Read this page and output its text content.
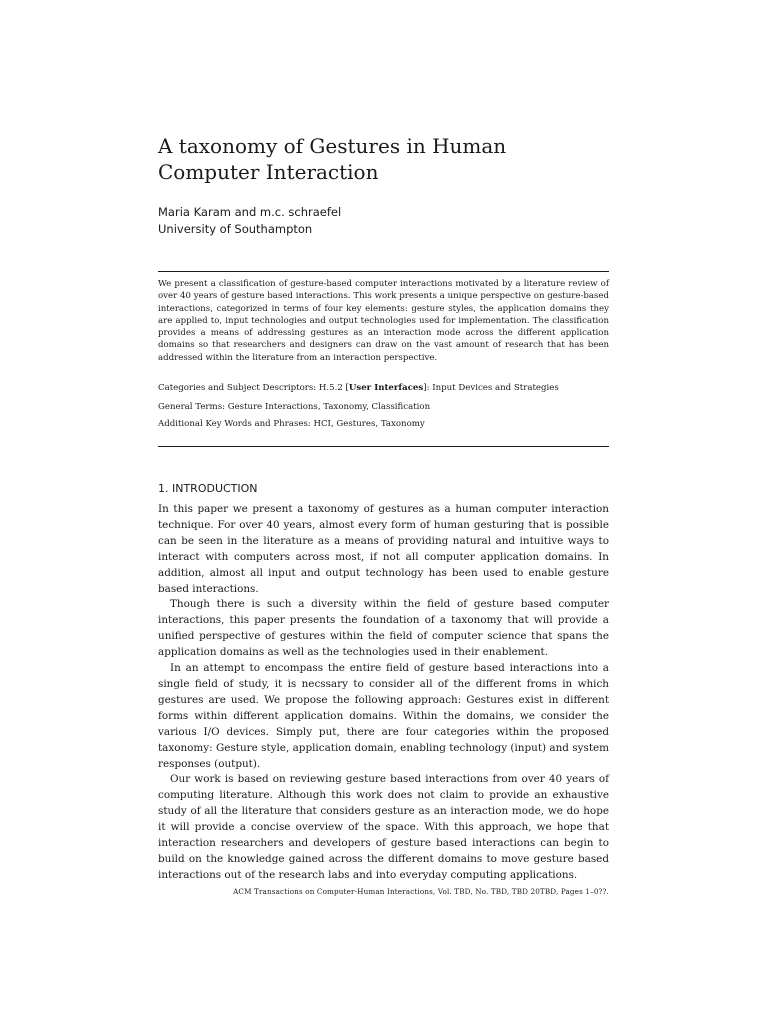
A taxonomy of Gestures in Human Computer Interaction
Maria Karam and m.c. schraefel
University of Southampton

We present a classification of gesture-based computer interactions motivated by a literature review of over 40 years of gesture based interactions. This work presents a unique perspective on gesture-based interactions, categorized in terms of four key elements: gesture styles, the application domains they are applied to, input technologies and output technologies used for implementation. The classification provides a means of addressing gestures as an interaction mode across the different application domains so that researchers and designers can draw on the vast amount of research that has been addressed within the literature from an interaction perspective.

Categories and Subject Descriptors: H.5.2 [User Interfaces]: Input Devices and Strategies
General Terms: Gesture Interactions, Taxonomy, Classification
Additional Key Words and Phrases: HCI, Gestures, Taxonomy
1. INTRODUCTION

In this paper we present a taxonomy of gestures as a human computer interaction technique. For over 40 years, almost every form of human gesturing that is possible can be seen in the literature as a means of providing natural and intuitive ways to interact with computers across most, if not all computer application domains. In addition, almost all input and output technology has been used to enable gesture based interactions.

Though there is such a diversity within the field of gesture based computer interactions, this paper presents the foundation of a taxonomy that will provide a unified perspective of gestures within the field of computer science that spans the application domains as well as the technologies used in their enablement.

In an attempt to encompass the entire field of gesture based interactions into a single field of study, it is necssary to consider all of the different froms in which gestures are used. We propose the following approach: Gestures exist in different forms within different application domains. Within the domains, we consider the various I/O devices. Simply put, there are four categories within the proposed taxonomy: Gesture style, application domain, enabling technology (input) and system responses (output).

Our work is based on reviewing gesture based interactions from over 40 years of computing literature. Although this work does not claim to provide an exhaustive study of all the literature that considers gesture as an interaction mode, we do hope it will provide a concise overview of the space. With this approach, we hope that interaction researchers and developers of gesture based interactions can begin to build on the knowledge gained across the different domains to move gesture based interactions out of the research labs and into everyday computing applications.

ACM Transactions on Computer-Human Interactions, Vol. TBD, No. TBD, TBD 20TBD, Pages 1–0??.
